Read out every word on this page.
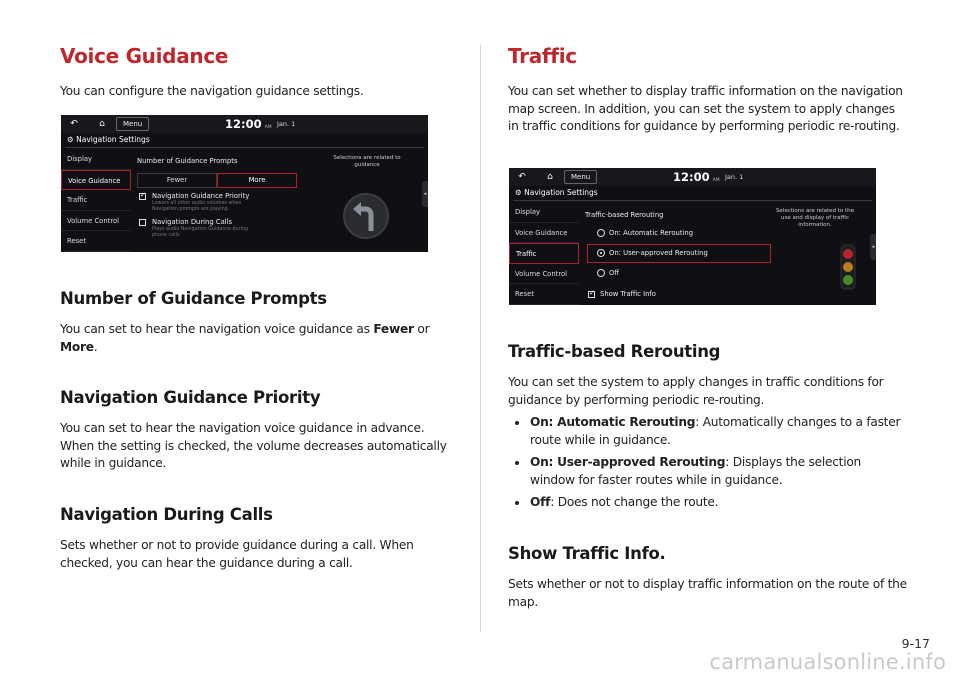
Voice Guidance
You can configure the navigation guidance settings.
↶	⌂	Menu	12:00 AM Jan. 1
⚙ Navigation Settings
Display
Voice Guidance
Traffic
Volume Control
Reset
Number of Guidance Prompts
Fewer	More
✓ Navigation Guidance Priority
Lowers all other audio volumes when Navigation prompts are playing.
Navigation During Calls
Plays audio Navigation Guidance during phone calls.
Selections are related to guidance
◂
Number of Guidance Prompts
You can set to hear the navigation voice guidance as Fewer or
More.
Navigation Guidance Priority
You can set to hear the navigation voice guidance in advance. When the setting is checked, the volume decreases automatically while in guidance.
Navigation During Calls
Sets whether or not to provide guidance during a call. When checked, you can hear the guidance during a call.
Traffic
You can set whether to display traffic information on the navigation map screen. In addition, you can set the system to apply changes in traffic conditions for guidance by performing periodic re-routing.
↶	⌂	Menu	12:00 AM Jan. 1
⚙ Navigation Settings
Display
Voice Guidance
Traffic
Volume Control
Reset
Traffic-based Rerouting
On: Automatic Rerouting
On: User-approved Rerouting
Off
✓ Show Traffic Info
Selections are related to the use and display of traffic information.
◂
Traffic-based Rerouting
You can set the system to apply changes in traffic conditions for guidance by performing periodic re-routing.
On: Automatic Rerouting: Automatically changes to a faster route while in guidance.
On: User-approved Rerouting: Displays the selection window for faster routes while in guidance.
Off: Does not change the route.
Show Traffic Info.
Sets whether or not to display traffic information on the route of the map.
9-17
carmanualsonline.info
